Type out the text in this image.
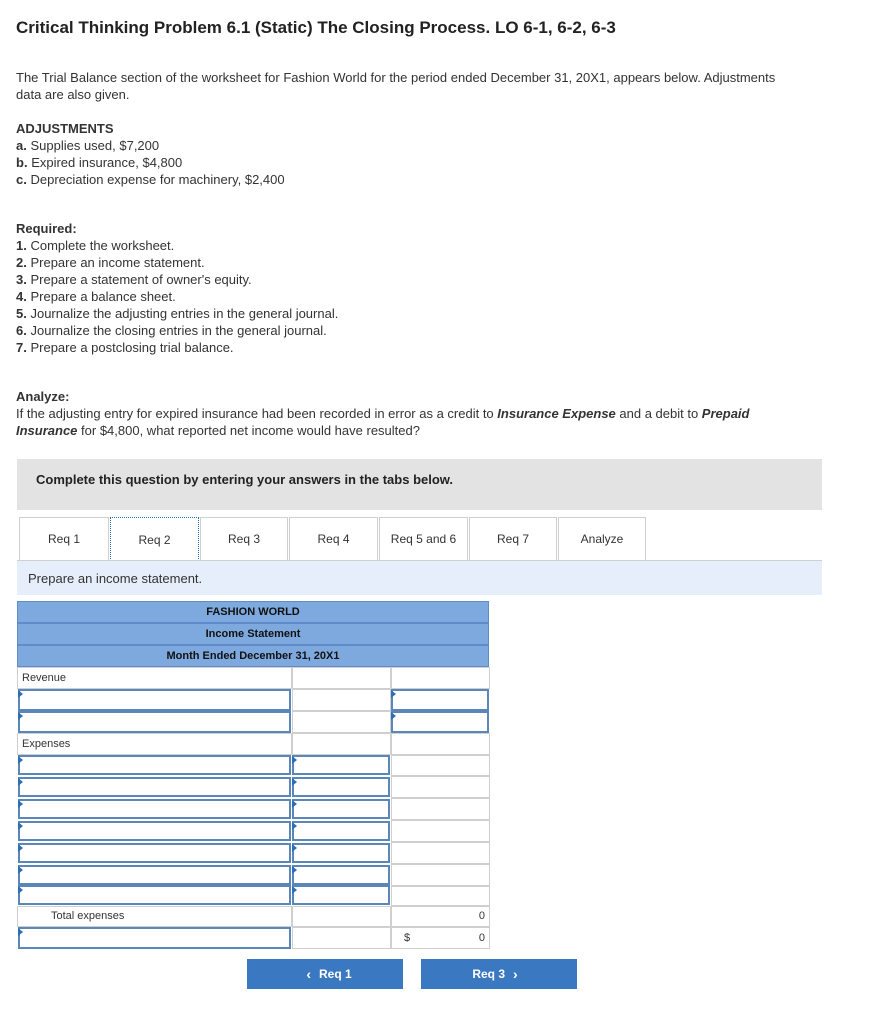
Critical Thinking Problem 6.1 (Static) The Closing Process. LO 6-1, 6-2, 6-3
The Trial Balance section of the worksheet for Fashion World for the period ended December 31, 20X1, appears below. Adjustments
data are also given.
ADJUSTMENTS
a. Supplies used, $7,200
b. Expired insurance, $4,800
c. Depreciation expense for machinery, $2,400
Required:
1. Complete the worksheet.
2. Prepare an income statement.
3. Prepare a statement of owner's equity.
4. Prepare a balance sheet.
5. Journalize the adjusting entries in the general journal.
6. Journalize the closing entries in the general journal.
7. Prepare a postclosing trial balance.
Analyze:
If the adjusting entry for expired insurance had been recorded in error as a credit to Insurance Expense and a debit to Prepaid
Insurance for $4,800, what reported net income would have resulted?
Complete this question by entering your answers in the tabs below.
Req 1	Req 2	Req 3	Req 4	Req 5 and 6	Req 7	Analyze
Prepare an income statement.
FASHION WORLD
Income Statement
Month Ended December 31, 20X1
Revenue
Expenses
Total expenses	0
$	0
‹ Req 1	Req 3 ›
